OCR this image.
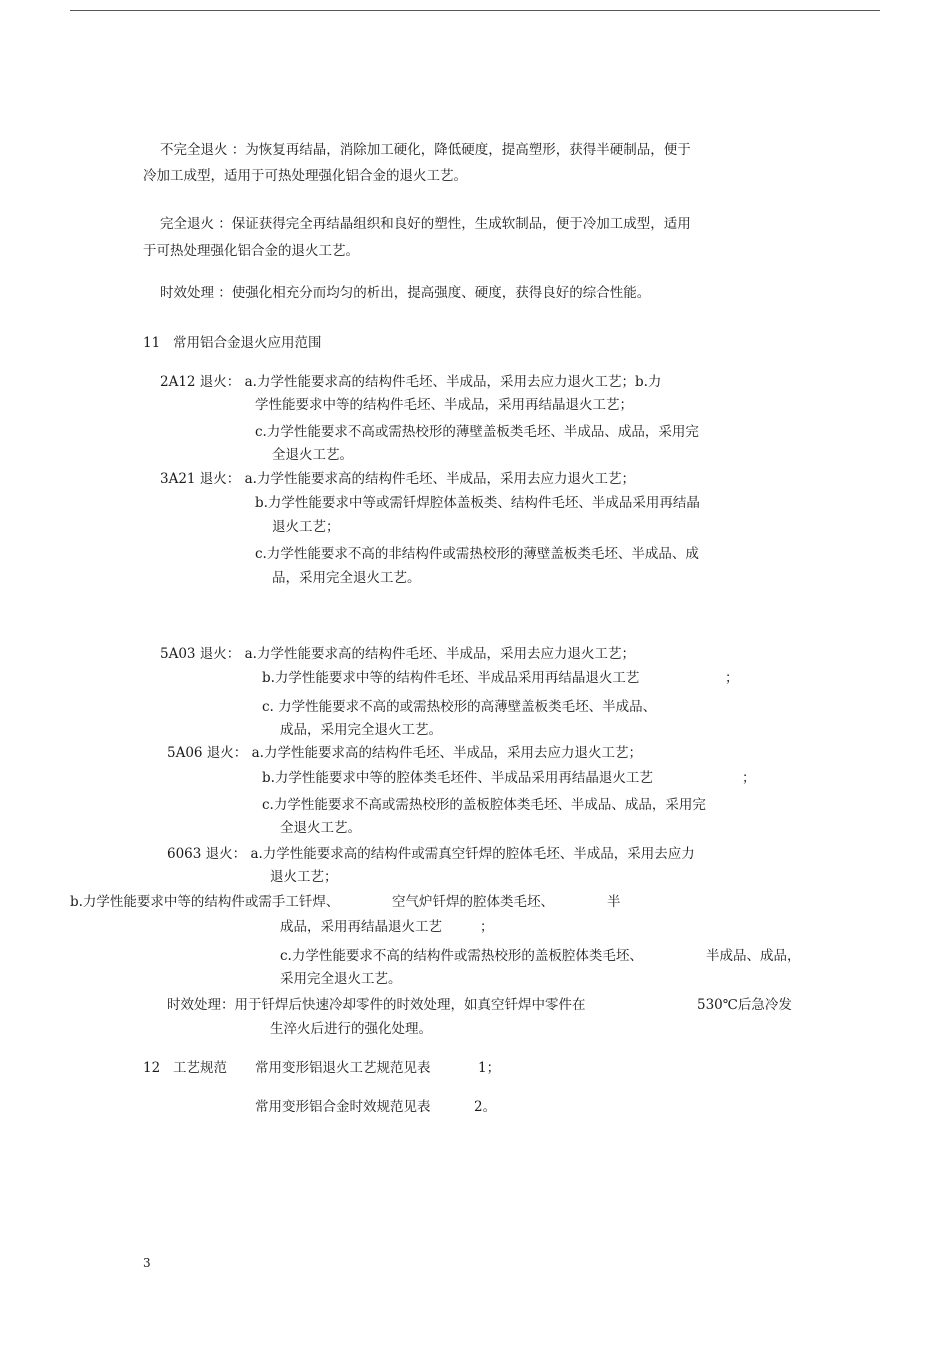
不完全退火 ：为恢复再结晶，消除加工硬化，降低硬度，提高塑形，获得半硬制品，便于
冷加工成型，适用于可热处理强化铝合金的退火工艺。
完全退火 ：保证获得完全再结晶组织和良好的塑性，生成软制品，便于冷加工成型，适用
于可热处理强化铝合金的退火工艺。
时效处理 ：使强化相充分而均匀的析出，提高强度、硬度，获得良好的综合性能。
11   常用铝合金退火应用范围
2A12 退火： a.力学性能要求高的结构件毛坯、半成品，采用去应力退火工艺；b.力
学性能要求中等的结构件毛坯、半成品，采用再结晶退火工艺；
c.力学性能要求不高或需热校形的薄壁盖板类毛坯、半成品、成品，采用完
全退火工艺。
3A21 退火： a.力学性能要求高的结构件毛坯、半成品，采用去应力退火工艺；
b.力学性能要求中等或需钎焊腔体盖板类、结构件毛坯、半成品采用再结晶
退火工艺；
c.力学性能要求不高的非结构件或需热校形的薄壁盖板类毛坯、半成品、成
品，采用完全退火工艺。
5A03 退火： a.力学性能要求高的结构件毛坯、半成品，采用去应力退火工艺；
b.力学性能要求中等的结构件毛坯、半成品采用再结晶退火工艺	；
c. 力学性能要求不高的或需热校形的高薄壁盖板类毛坯、半成品、
成品，采用完全退火工艺。
5A06 退火： a.力学性能要求高的结构件毛坯、半成品，采用去应力退火工艺；
b.力学性能要求中等的腔体类毛坯件、半成品采用再结晶退火工艺	；
c.力学性能要求不高或需热校形的盖板腔体类毛坯、半成品、成品，采用完
全退火工艺。
6063 退火： a.力学性能要求高的结构件或需真空钎焊的腔体毛坯、半成品，采用去应力
退火工艺；
b.力学性能要求中等的结构件或需手工钎焊、	空气炉钎焊的腔体类毛坯、	半
成品，采用再结晶退火工艺	；
c.力学性能要求不高的结构件或需热校形的盖板腔体类毛坯、	半成品、成品，
采用完全退火工艺。
时效处理：用于钎焊后快速冷却零件的时效处理，如真空钎焊中零件在	530℃后急冷发
生淬火后进行的强化处理。
12   工艺规范 常用变形铝退火工艺规范见表	1；
常用变形铝合金时效规范见表	2。
3
